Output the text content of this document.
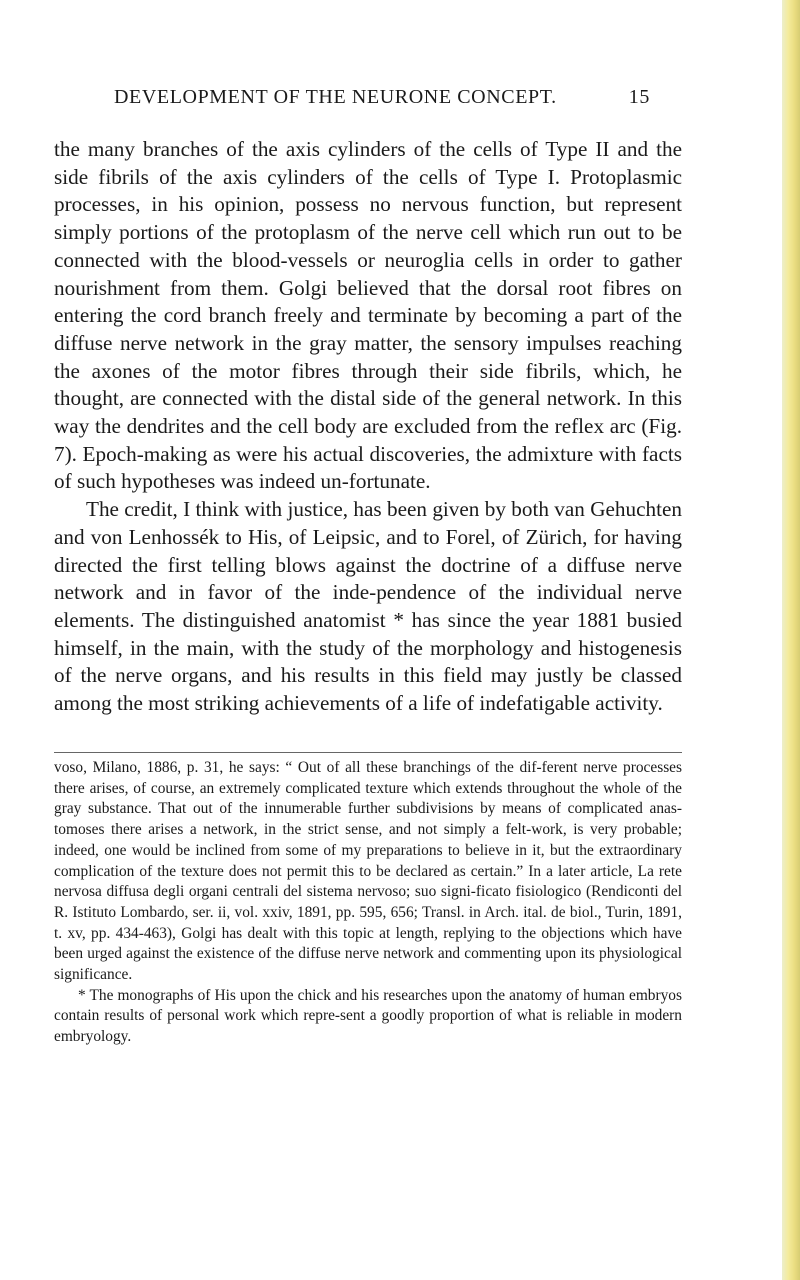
DEVELOPMENT OF THE NEURONE CONCEPT.	15

the many branches of the axis cylinders of the cells of Type II and the side fibrils of the axis cylinders of the cells of Type I. Protoplasmic processes, in his opinion, possess no nervous function, but represent simply portions of the protoplasm of the nerve cell which run out to be connected with the blood-vessels or neuroglia cells in order to gather nourishment from them. Golgi believed that the dorsal root fibres on entering the cord branch freely and terminate by becoming a part of the diffuse nerve network in the gray matter, the sensory impulses reaching the axones of the motor fibres through their side fibrils, which, he thought, are connected with the distal side of the general network. In this way the dendrites and the cell body are excluded from the reflex arc (Fig. 7). Epoch-making as were his actual discoveries, the admixture with facts of such hypotheses was indeed un-fortunate.

The credit, I think with justice, has been given by both van Gehuchten and von Lenhossék to His, of Leipsic, and to Forel, of Zürich, for having directed the first telling blows against the doctrine of a diffuse nerve network and in favor of the inde-pendence of the individual nerve elements. The distinguished anatomist * has since the year 1881 busied himself, in the main, with the study of the morphology and histogenesis of the nerve organs, and his results in this field may justly be classed among the most striking achievements of a life of indefatigable activity.

voso, Milano, 1886, p. 31, he says: “ Out of all these branchings of the dif-ferent nerve processes there arises, of course, an extremely complicated texture which extends throughout the whole of the gray substance. That out of the innumerable further subdivisions by means of complicated anas-tomoses there arises a network, in the strict sense, and not simply a felt-work, is very probable; indeed, one would be inclined from some of my preparations to believe in it, but the extraordinary complication of the texture does not permit this to be declared as certain.” In a later article, La rete nervosa diffusa degli organi centrali del sistema nervoso; suo signi-ficato fisiologico (Rendiconti del R. Istituto Lombardo, ser. ii, vol. xxiv, 1891, pp. 595, 656; Transl. in Arch. ital. de biol., Turin, 1891, t. xv, pp. 434-463), Golgi has dealt with this topic at length, replying to the objections which have been urged against the existence of the diffuse nerve network and commenting upon its physiological significance.

* The monographs of His upon the chick and his researches upon the anatomy of human embryos contain results of personal work which repre-sent a goodly proportion of what is reliable in modern embryology.
